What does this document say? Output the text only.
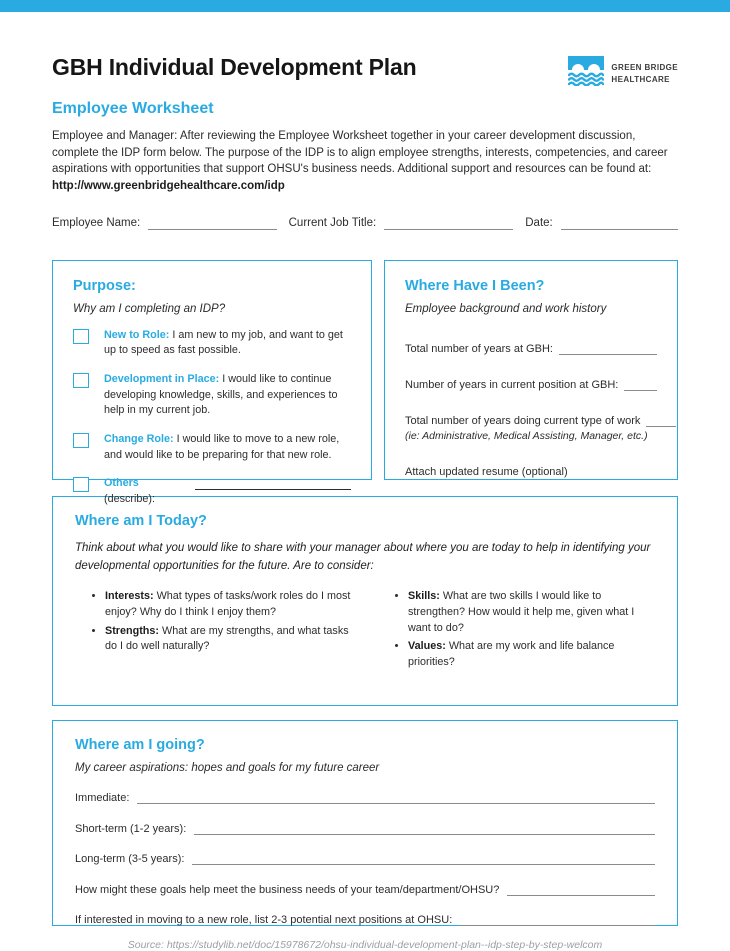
GBH Individual Development Plan	GREEN BRIDGE
HEALTHCARE
Employee Worksheet

Employee and Manager: After reviewing the Employee Worksheet together in your career development discussion, complete the IDP form below. The purpose of the IDP is to align employee strengths, interests, competencies, and career aspirations with opportunities that support OHSU's business needs. Additional support and resources can be found at: http://www.greenbridgehealthcare.com/idp

Employee Name:	Current Job Title:	Date:
Purpose:
Why am I completing an IDP?
New to Role: I am new to my job, and want to get up to speed as fast possible.
Development in Place: I would like to continue developing knowledge, skills, and experiences to help in my current job.
Change Role: I would like to move to a new role, and would like to be preparing for that new role.
Others (describe):
Where Have I Been?
Employee background and work history
Total number of years at GBH:
Number of years in current position at GBH:
Total number of years doing current type of work
(ie: Administrative, Medical Assisting, Manager, etc.)
Attach updated resume (optional)
Where am I Today?
Think about what you would like to share with your manager about where you are today to help in identifying your developmental opportunities for the future. Are to consider:
• Interests: What types of tasks/work roles do I most enjoy? Why do I think I enjoy them?
• Strengths: What are my strengths, and what tasks do I do well naturally?
• Skills: What are two skills I would like to strengthen? How would it help me, given what I want to do?
• Values: What are my work and life balance priorities?
Where am I going?
My career aspirations: hopes and goals for my future career
Immediate:
Short-term (1-2 years):
Long-term (3-5 years):
How might these goals help meet the business needs of your team/department/OHSU?
If interested in moving to a new role, list 2-3 potential next positions at OHSU:
Source: https://studylib.net/doc/15978672/ohsu-individual-development-plan--idp-step-by-step-welcom
